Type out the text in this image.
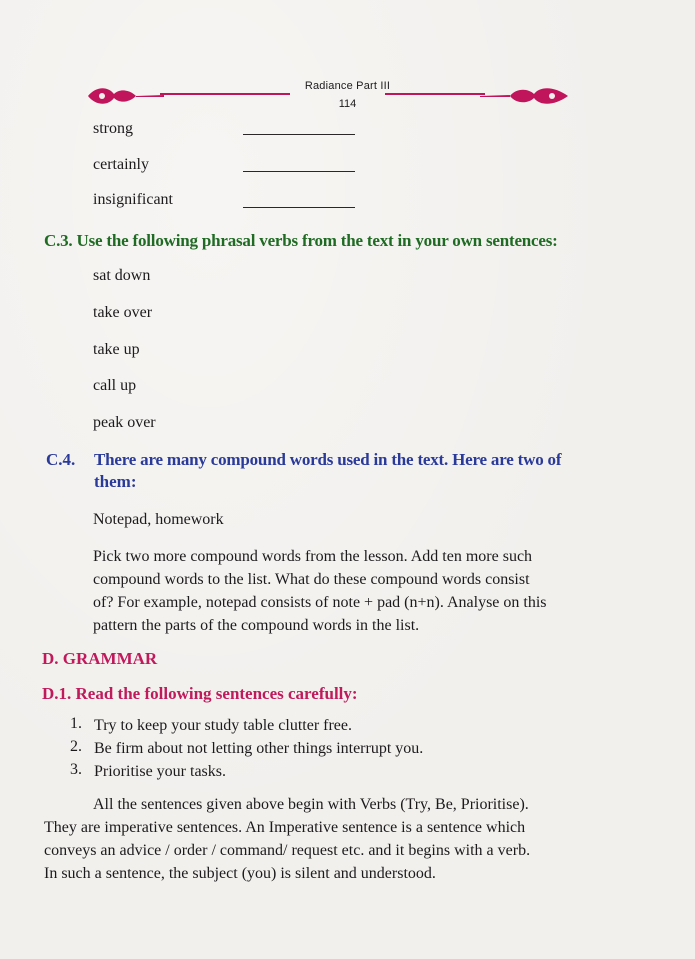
Radiance Part III
114
strong
certainly
insignificant
C.3. Use the following phrasal verbs from the text in your own sentences:
sat down
take over
take up
call up
peak over
C.4. There are many compound words used in the text. Here are two of
them:
Notepad, homework
Pick two more compound words from the lesson. Add ten more such
compound words to the list. What do these compound words consist
of? For example, notepad consists of note + pad (n+n). Analyse on this
pattern the parts of the compound words in the list.
D. GRAMMAR
D.1. Read the following sentences carefully:
1. Try to keep your study table clutter free.
2. Be firm about not letting other things interrupt you.
3. Prioritise your tasks.
All the sentences given above begin with Verbs (Try, Be, Prioritise).
They are imperative sentences. An Imperative sentence is a sentence which
conveys an advice / order / command/ request etc. and it begins with a verb.
In such a sentence, the subject (you) is silent and understood.
